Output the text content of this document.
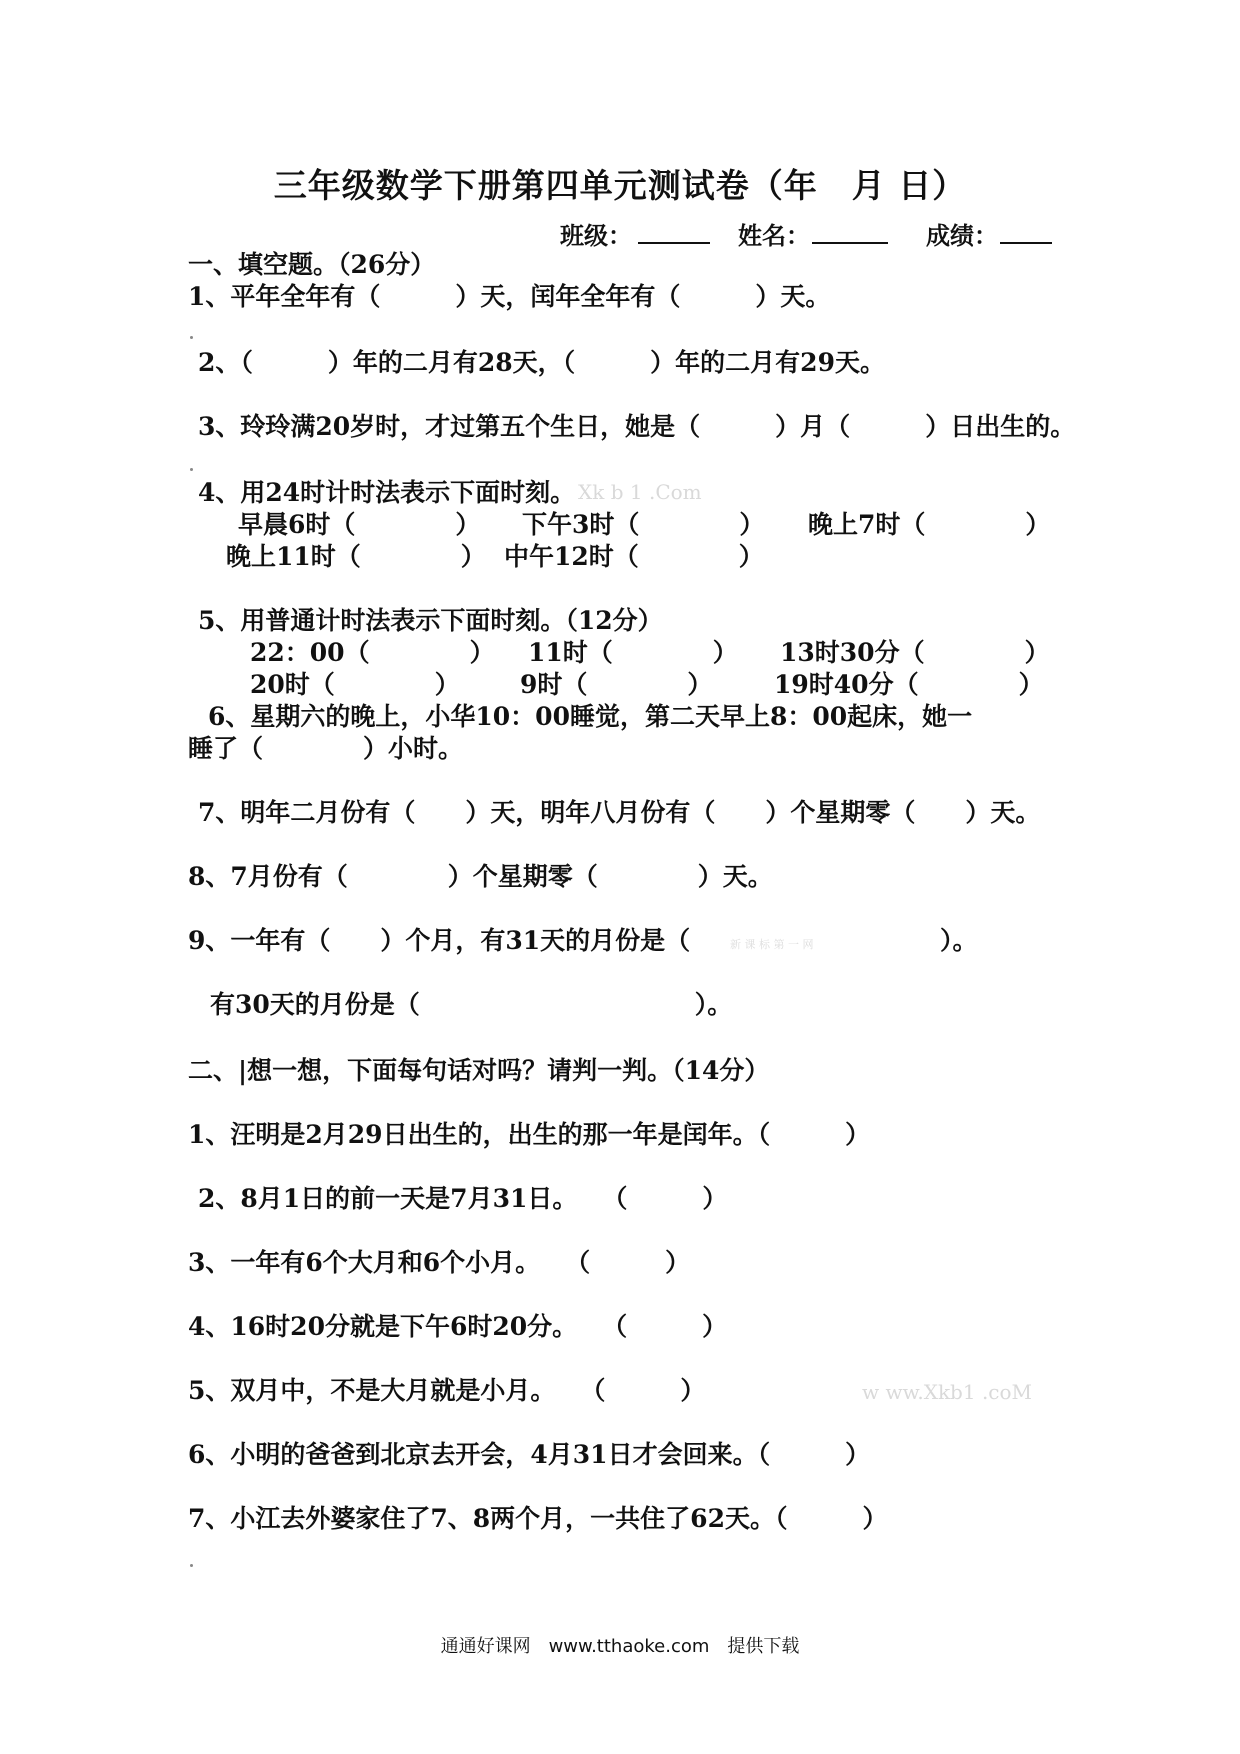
三年级数学下册第四单元测试卷（年　月 日）
班级：	姓名：	成绩：
一、填空题。（26分）
1、平年全年有（　　　）天，闰年全年有（　　　）天。
2、（　　　）年的二月有28天，（　　　）年的二月有29天。
3、玲玲满20岁时，才过第五个生日，她是（　　　）月（　　　）日出生的。
4、用24时计时法表示下面时刻。 Xk b 1 .Com
早晨6时（　　　　） 下午3时（　　　　） 晚上7时（　　　　）
晚上11时（　　　　） 中午12时（　　　　）
5、用普通计时法表示下面时刻。（12分）
22：00（　　　　） 11时（　　　　） 13时30分（　　　　）
20时（　　　　） 9时（　　　　） 19时40分（　　　　）
6、星期六的晚上，小华10：00睡觉，第二天早上8：00起床，她一
睡了（　　　　）小时。
7、明年二月份有（　　）天，明年八月份有（　　）个星期零（　　）天。
8、7月份有（　　　　）个星期零（　　　　）天。
9、一年有（　　）个月，有31天的月份是（	新 课 标 第 一 网	）。
有30天的月份是（　　　　　　　　　　　）。
二、|想一想，下面每句话对吗？请判一判。（14分）
1、汪明是2月29日出生的，出生的那一年是闰年。（　　　）
2、8月1日的前一天是7月31日。　　（　　　）
3、一年有6个大月和6个小月。　　（　　　）
4、16时20分就是下午6时20分。　　（　　　）
5、双月中，不是大月就是小月。　　（　　　）	w ww.Xkb1 .coM
6、小明的爸爸到北京去开会，4月31日才会回来。（　　　）
7、小江去外婆家住了7、8两个月，一共住了62天。（　　　）
通通好课网　www.tthaoke.com　提供下载
